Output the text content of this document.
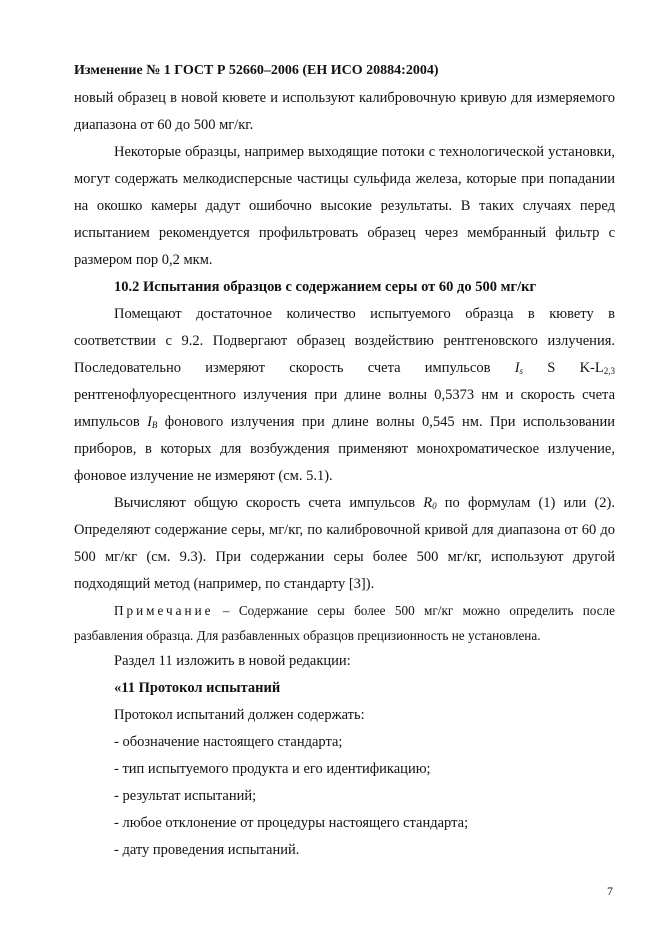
Изменение № 1 ГОСТ Р 52660–2006 (ЕН ИСО 20884:2004)

новый образец в новой кювете и используют калибровочную кривую для измеряемого диапазона от 60 до 500 мг/кг.

Некоторые образцы, например выходящие потоки с технологической установки, могут содержать мелкодисперсные частицы сульфида железа, которые при попадании на окошко камеры дадут ошибочно высокие результаты. В таких случаях перед испытанием рекомендуется профильтровать образец через мембранный фильтр с размером пор 0,2 мкм.

10.2 Испытания образцов с содержанием серы от 60 до 500 мг/кг

Помещают достаточное количество испытуемого образца в кювету в соответствии с 9.2. Подвергают образец воздействию рентгеновского излучения. Последовательно измеряют скорость счета импульсов $I_s$ S $K-L_{2,3}$ рентгенофлуоресцентного излучения при длине волны 0,5373 нм и скорость счета импульсов $I_B$ фонового излучения при длине волны 0,545 нм. При использовании приборов, в которых для возбуждения применяют монохроматическое излучение, фоновое излучение не измеряют (см. 5.1).

Вычисляют общую скорость счета импульсов $R_0$ по формулам (1) или (2). Определяют содержание серы, мг/кг, по калибровочной кривой для диапазона от 60 до 500 мг/кг (см. 9.3). При содержании серы более 500 мг/кг, используют другой подходящий метод (например, по стандарту [3]).

Примечание – Содержание серы более 500 мг/кг можно определить после разбавления образца. Для разбавленных образцов прецизионность не установлена.

Раздел 11 изложить в новой редакции:

«11 Протокол испытаний

Протокол испытаний должен содержать:

- обозначение настоящего стандарта;

- тип испытуемого продукта и его идентификацию;

- результат испытаний;

- любое отклонение от процедуры настоящего стандарта;

- дату проведения испытаний.

7
